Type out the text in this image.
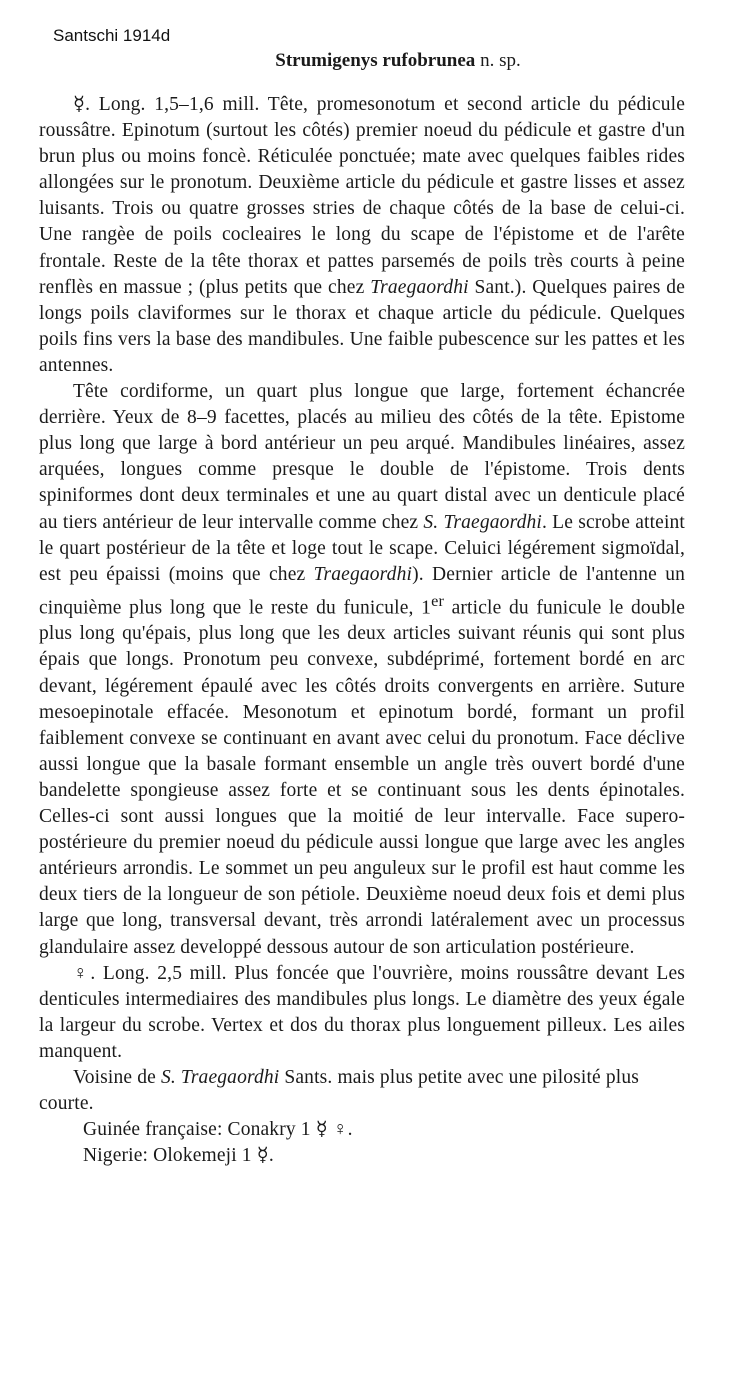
Santschi 1914d
Strumigenys rufobrunea n. sp.

☿. Long. 1,5–1,6 mill. Tête, promesonotum et second article du pédicule roussâtre. Epinotum (surtout les côtés) premier noeud du pédicule et gastre d'un brun plus ou moins foncè. Réticulée ponctuée; mate avec quelques faibles rides allongées sur le pronotum. Deuxième article du pédicule et gastre lisses et assez luisants. Trois ou quatre grosses stries de chaque côtés de la base de celui-ci. Une rangèe de poils cocleaires le long du scape de l'épistome et de l'arête frontale. Reste de la tête thorax et pattes parsemés de poils très courts à peine renflès en massue ; (plus petits que chez Traegaordhi Sant.). Quelques paires de longs poils claviformes sur le thorax et chaque article du pédicule. Quelques poils fins vers la base des mandibules. Une faible pubescence sur les pattes et les antennes.

Tête cordiforme, un quart plus longue que large, fortement échancrée derrière. Yeux de 8–9 facettes, placés au milieu des côtés de la tête. Epistome plus long que large à bord antérieur un peu arqué. Mandibules linéaires, assez arquées, longues comme presque le double de l'épistome. Trois dents spiniformes dont deux terminales et une au quart distal avec un denticule placé au tiers antérieur de leur intervalle comme chez S. Traegaordhi. Le scrobe atteint le quart postérieur de la tête et loge tout le scape. Celuici légérement sigmoïdal, est peu épaissi (moins que chez Traegaordhi). Dernier article de l'antenne un cinquième plus long que le reste du funicule, 1er article du funicule le double plus long qu'épais, plus long que les deux articles suivant réunis qui sont plus épais que longs. Pronotum peu convexe, subdéprimé, fortement bordé en arc devant, légérement épaulé avec les côtés droits convergents en arrière. Suture mesoepinotale effacée. Mesonotum et epinotum bordé, formant un profil faiblement convexe se continuant en avant avec celui du pronotum. Face déclive aussi longue que la basale formant ensemble un angle très ouvert bordé d'une bandelette spongieuse assez forte et se continuant sous les dents épinotales. Celles-ci sont aussi longues que la moitié de leur intervalle. Face supero-postérieure du premier noeud du pédicule aussi longue que large avec les angles antérieurs arrondis. Le sommet un peu anguleux sur le profil est haut comme les deux tiers de la longueur de son pétiole. Deuxième noeud deux fois et demi plus large que long, transversal devant, très arrondi latéralement avec un processus glandulaire assez developpé dessous autour de son articulation postérieure.

♀. Long. 2,5 mill. Plus foncée que l'ouvrière, moins roussâtre devant Les denticules intermediaires des mandibules plus longs. Le diamètre des yeux égale la largeur du scrobe. Vertex et dos du thorax plus longuement pilleux. Les ailes manquent.

Voisine de S. Traegaordhi Sants. mais plus petite avec une pilosité plus courte.

Guinée française: Conakry 1 ☿ ♀.

Nigerie: Olokemeji 1 ☿.
